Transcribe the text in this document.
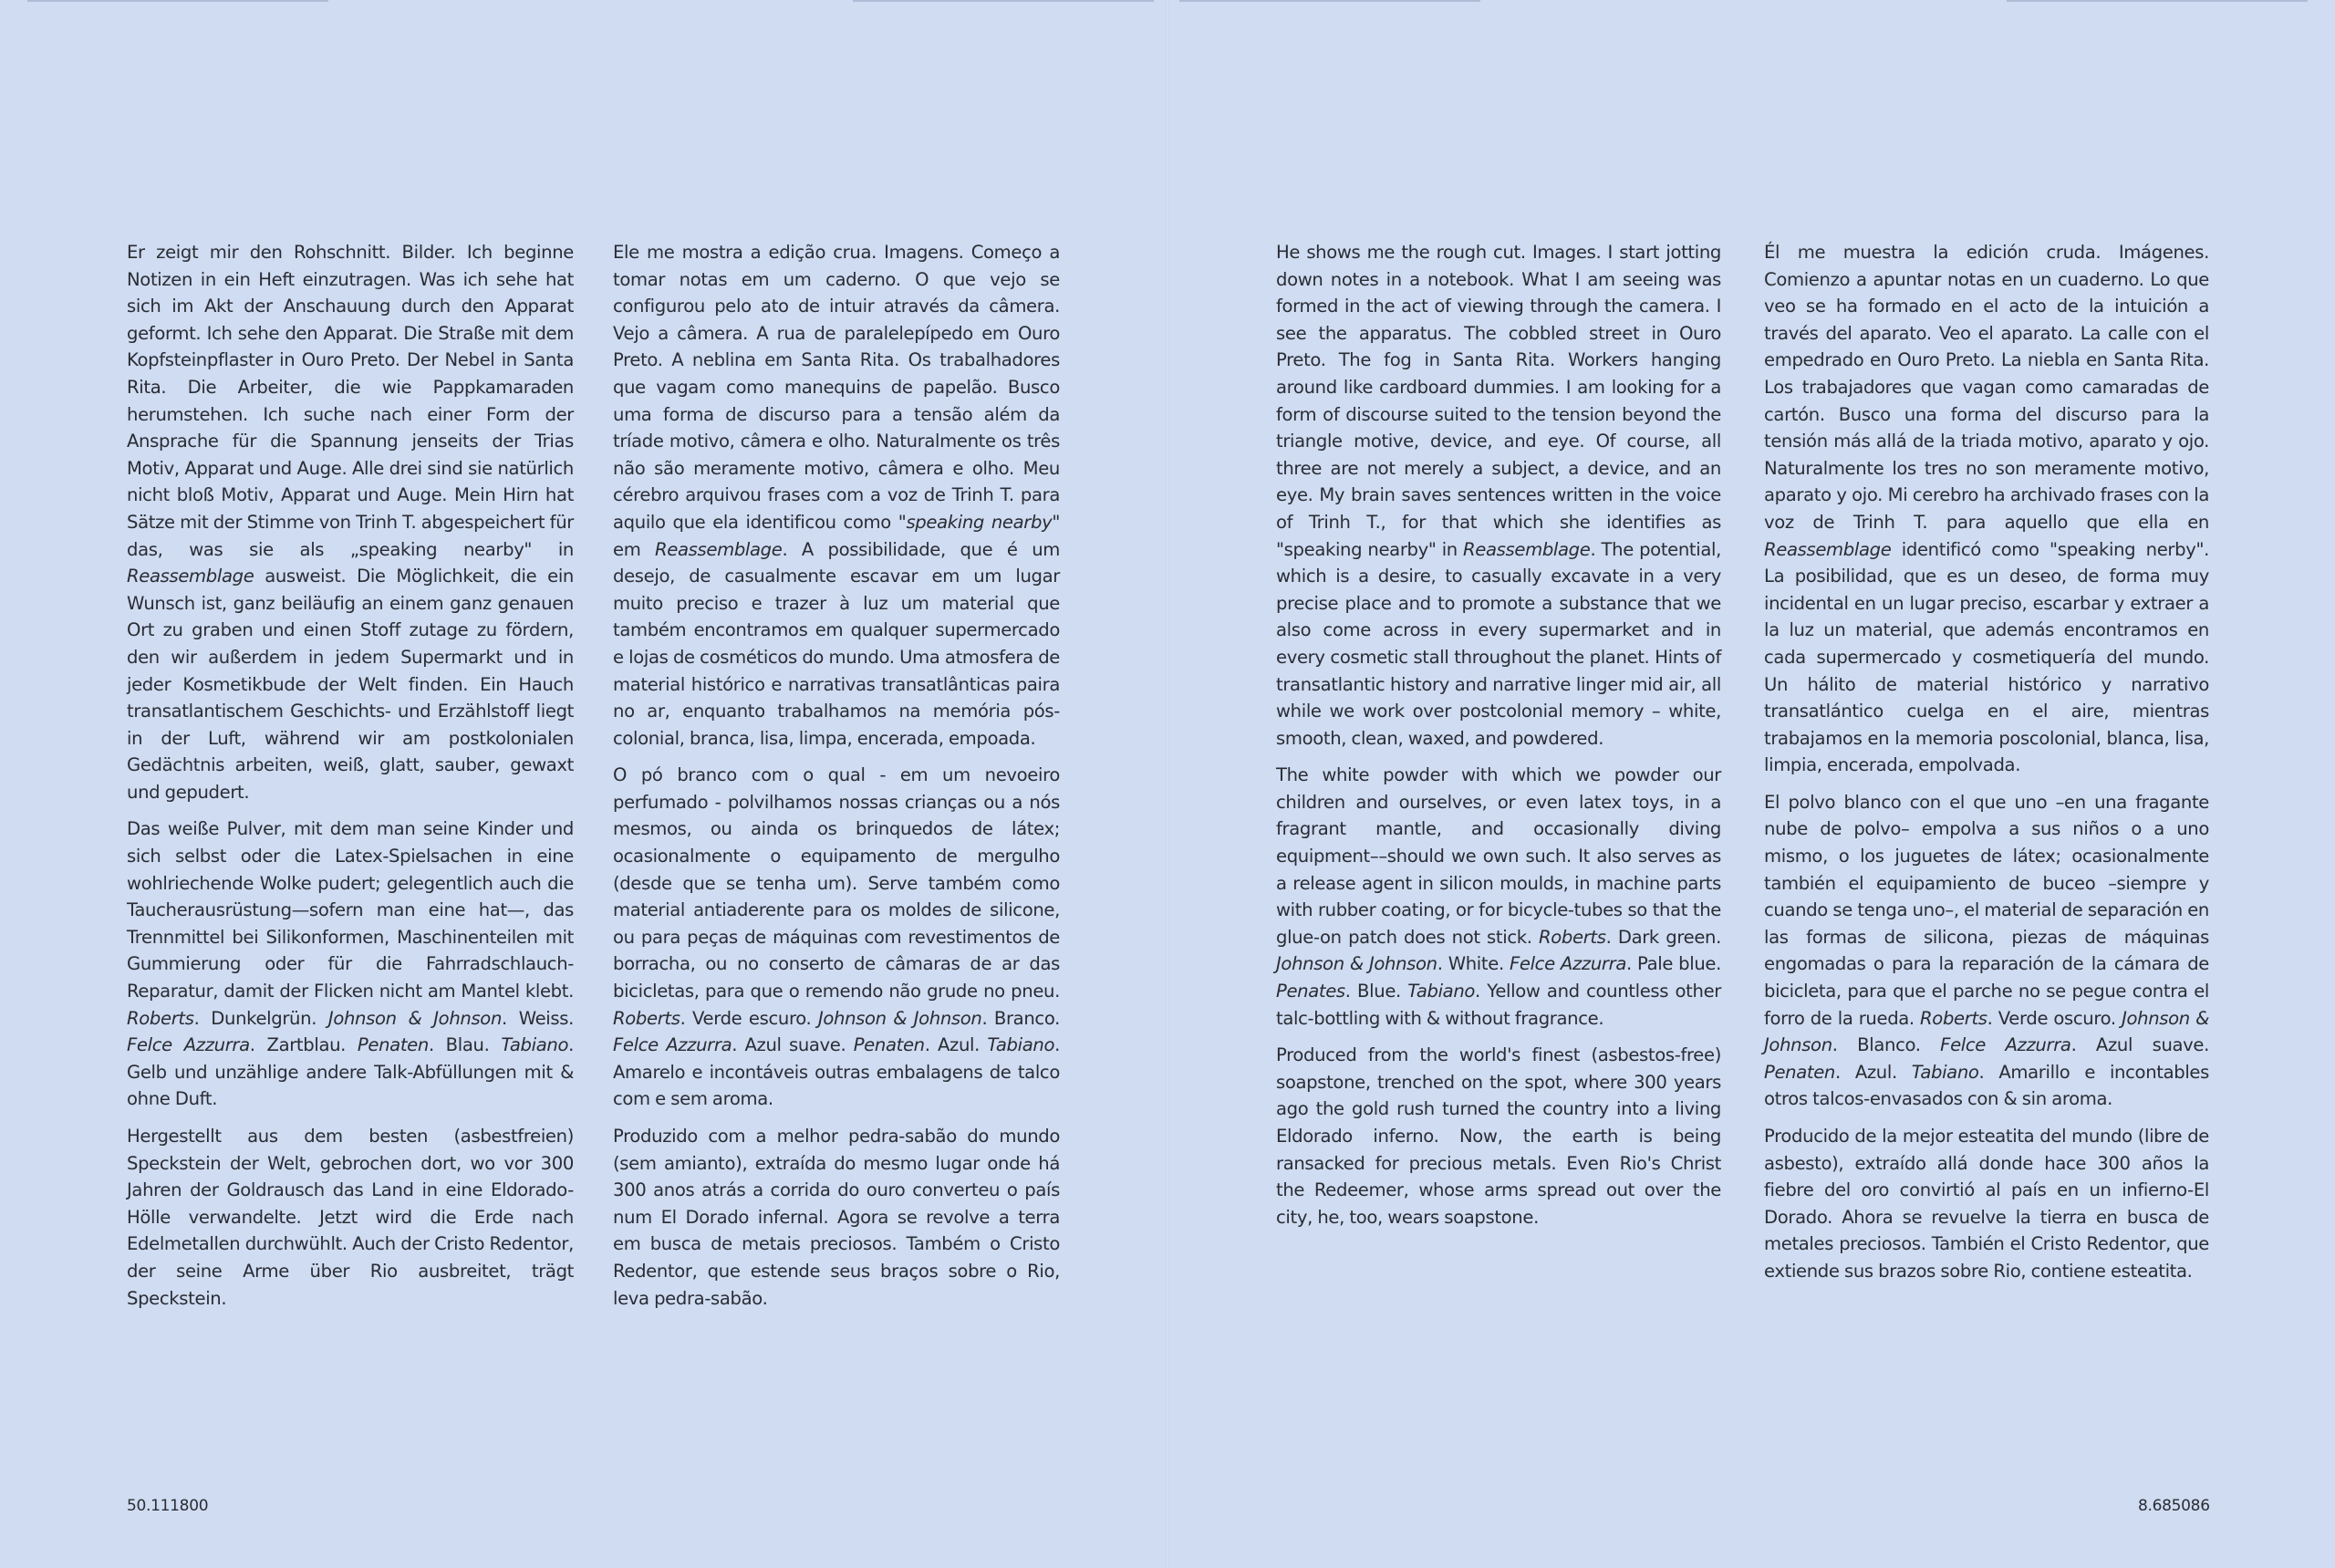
Er zeigt mir den Rohschnitt. Bilder. Ich beginne Notizen in ein Heft einzutragen. Was ich sehe hat sich im Akt der Anschauung durch den Apparat geformt. Ich sehe den Apparat. Die Straße mit dem Kopfsteinpflaster in Ouro Preto. Der Nebel in Santa Rita. Die Arbeiter, die wie Pappkamaraden herumstehen. Ich suche nach einer Form der Ansprache für die Spannung jenseits der Trias Motiv, Apparat und Auge. Alle drei sind sie natürlich nicht bloß Motiv, Apparat und Auge. Mein Hirn hat Sätze mit der Stimme von Trinh T. abgespeichert für das, was sie als „speaking nearby" in Reassemblage ausweist. Die Möglichkeit, die ein Wunsch ist, ganz beiläufig an einem ganz genauen Ort zu graben und einen Stoff zutage zu fördern, den wir außerdem in jedem Supermarkt und in jeder Kosmetikbude der Welt finden. Ein Hauch transatlantischem Geschichts- und Erzählstoff liegt in der Luft, während wir am postkolonialen Gedächtnis arbeiten, weiß, glatt, sauber, gewaxt und gepudert.

Das weiße Pulver, mit dem man seine Kinder und sich selbst oder die Latex-Spielsachen in eine wohlriechende Wolke pudert; gelegentlich auch die Taucherausrüstung—sofern man eine hat—, das Trennmittel bei Silikonformen, Maschinenteilen mit Gummierung oder für die Fahrradschlauch-Reparatur, damit der Flicken nicht am Mantel klebt. Roberts. Dunkelgrün. Johnson & Johnson. Weiss. Felce Azzurra. Zartblau. Penaten. Blau. Tabiano. Gelb und unzählige andere Talk-Abfüllungen mit & ohne Duft.

Hergestellt aus dem besten (asbestfreien) Speckstein der Welt, gebrochen dort, wo vor 300 Jahren der Goldrausch das Land in eine Eldorado-Hölle verwandelte. Jetzt wird die Erde nach Edelmetallen durchwühlt. Auch der Cristo Redentor, der seine Arme über Rio ausbreitet, trägt Speckstein.

Ele me mostra a edição crua. Imagens. Começo a tomar notas em um caderno. O que vejo se configurou pelo ato de intuir através da câmera. Vejo a câmera. A rua de paralelepípedo em Ouro Preto. A neblina em Santa Rita. Os trabalhadores que vagam como manequins de papelão. Busco uma forma de discurso para a tensão além da tríade motivo, câmera e olho. Naturalmente os três não são meramente motivo, câmera e olho. Meu cérebro arquivou frases com a voz de Trinh T. para aquilo que ela identificou como "speaking nearby" em Reassemblage. A possibilidade, que é um desejo, de casualmente escavar em um lugar muito preciso e trazer à luz um material que também encontramos em qualquer supermercado e lojas de cosméticos do mundo. Uma atmosfera de material histórico e narrativas transatlânticas paira no ar, enquanto trabalhamos na memória pós-colonial, branca, lisa, limpa, encerada, empoada.

O pó branco com o qual - em um nevoeiro perfumado - polvilhamos nossas crianças ou a nós mesmos, ou ainda os brinquedos de látex; ocasionalmente o equipamento de mergulho (desde que se tenha um). Serve também como material antiaderente para os moldes de silicone, ou para peças de máquinas com revestimentos de borracha, ou no conserto de câmaras de ar das bicicletas, para que o remendo não grude no pneu. Roberts. Verde escuro. Johnson & Johnson. Branco. Felce Azzurra. Azul suave. Penaten. Azul. Tabiano. Amarelo e incontáveis outras embalagens de talco com e sem aroma.

Produzido com a melhor pedra-sabão do mundo (sem amianto), extraída do mesmo lugar onde há 300 anos atrás a corrida do ouro converteu o país num El Dorado infernal. Agora se revolve a terra em busca de metais preciosos. Também o Cristo Redentor, que estende seus braços sobre o Rio, leva pedra-sabão.

He shows me the rough cut. Images. I start jotting down notes in a notebook. What I am seeing was formed in the act of viewing through the camera. I see the apparatus. The cobbled street in Ouro Preto. The fog in Santa Rita. Workers hanging around like cardboard dummies. I am looking for a form of discourse suited to the tension beyond the triangle motive, device, and eye. Of course, all three are not merely a subject, a device, and an eye. My brain saves sentences written in the voice of Trinh T., for that which she identifies as "speaking nearby" in Reassemblage. The potential, which is a desire, to casually excavate in a very precise place and to promote a substance that we also come across in every supermarket and in every cosmetic stall throughout the planet. Hints of transatlantic history and narrative linger mid air, all while we work over postcolonial memory – white, smooth, clean, waxed, and powdered.

The white powder with which we powder our children and ourselves, or even latex toys, in a fragrant mantle, and occasionally diving equipment––should we own such. It also serves as a release agent in silicon moulds, in machine parts with rubber coating, or for bicycle-tubes so that the glue-on patch does not stick. Roberts. Dark green. Johnson & Johnson. White. Felce Azzurra. Pale blue. Penates. Blue. Tabiano. Yellow and countless other talc-bottling with & without fragrance.

Produced from the world's finest (asbestos-free) soapstone, trenched on the spot, where 300 years ago the gold rush turned the country into a living Eldorado inferno. Now, the earth is being ransacked for precious metals. Even Rio's Christ the Redeemer, whose arms spread out over the city, he, too, wears soapstone.

Él me muestra la edición cruda. Imágenes. Comienzo a apuntar notas en un cuaderno. Lo que veo se ha formado en el acto de la intuición a través del aparato. Veo el aparato. La calle con el empedrado en Ouro Preto. La niebla en Santa Rita. Los trabajadores que vagan como camaradas de cartón. Busco una forma del discurso para la tensión más allá de la triada motivo, aparato y ojo. Naturalmente los tres no son meramente motivo, aparato y ojo. Mi cerebro ha archivado frases con la voz de Trinh T. para aquello que ella en Reassemblage identificó como "speaking nerby". La posibilidad, que es un deseo, de forma muy incidental en un lugar preciso, escarbar y extraer a la luz un material, que además encontramos en cada supermercado y cosmetiquería del mundo. Un hálito de material histórico y narrativo transatlántico cuelga en el aire, mientras trabajamos en la memoria poscolonial, blanca, lisa, limpia, encerada, empolvada.

El polvo blanco con el que uno –en una fragante nube de polvo– empolva a sus niños o a uno mismo, o los juguetes de látex; ocasionalmente también el equipamiento de buceo –siempre y cuando se tenga uno–, el material de separación en las formas de silicona, piezas de máquinas engomadas o para la reparación de la cámara de bicicleta, para que el parche no se pegue contra el forro de la rueda. Roberts. Verde oscuro. Johnson & Johnson. Blanco. Felce Azzurra. Azul suave. Penaten. Azul. Tabiano. Amarillo e incontables otros talcos-envasados con & sin aroma.

Producido de la mejor esteatita del mundo (libre de asbesto), extraído allá donde hace 300 años la fiebre del oro convirtió al país en un infierno-El Dorado. Ahora se revuelve la tierra en busca de metales preciosos. También el Cristo Redentor, que extiende sus brazos sobre Rio, contiene esteatita.

50.111800	8.685086
